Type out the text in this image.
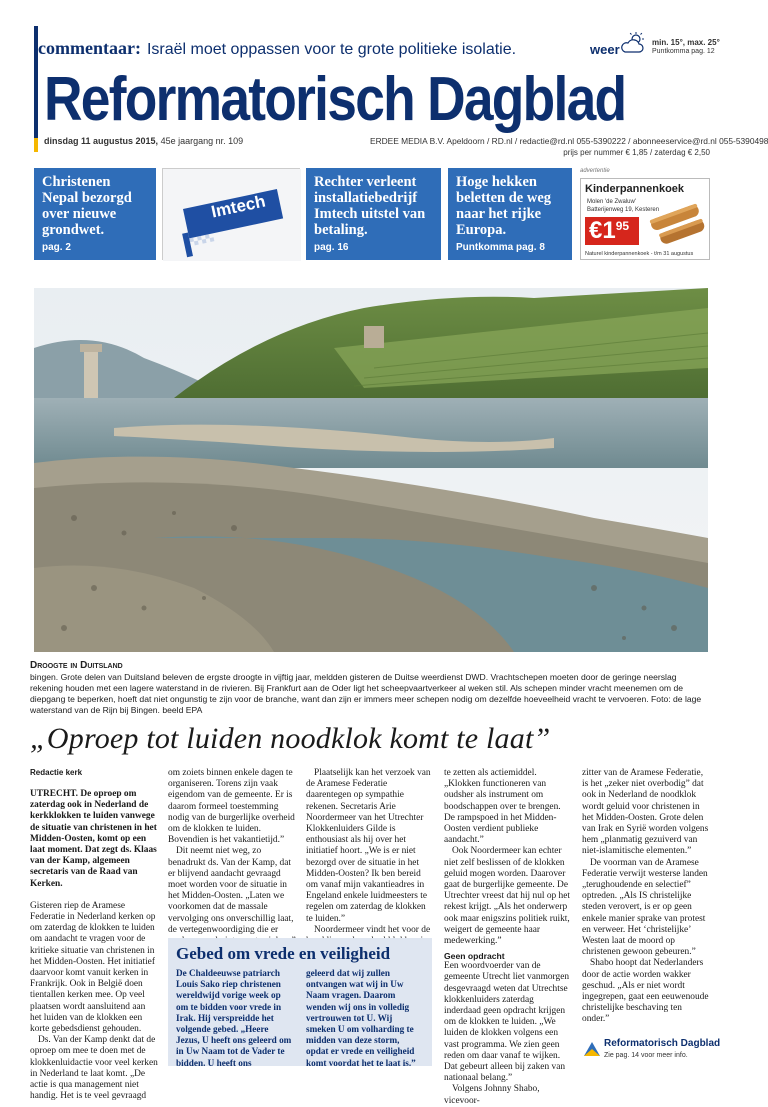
commentaar: Israël moet oppassen voor te grote politieke isolatie.	weer	min. 15°, max. 25°
Puntkomma pag. 12
Reformatorisch Dagblad
dinsdag 11 augustus 2015, 45e jaargang nr. 109	ERDEE MEDIA B.V. Apeldoorn / RD.nl / redactie@rd.nl 055-5390222 / abonneeservice@rd.nl 055-5390498
prijs per nummer € 1,85 / zaterdag € 2,50
Christenen Nepal bezorgd over nieuwe grondwet.
pag. 2
Imtech
Rechter verleent installatiebedrijf Imtech uitstel van betaling.
pag. 16
Hoge hekken beletten de weg naar het rijke Europa.
Puntkomma pag. 8
advertentie
Kinderpannenkoek
Molen 'de Zwaluw'
Batterijenweg 19, Kesteren
$€1^{95}$
Naturel kinderpannenkoek - t/m 31 augustus
Droogte in Duitsland
bingen. Grote delen van Duitsland beleven de ergste droogte in vijftig jaar, meldden gisteren de Duitse weerdienst DWD. Vrachtschepen moeten door de geringe neerslag rekening houden met een lagere waterstand in de rivieren. Bij Frankfurt aan de Oder ligt het scheepvaartverkeer al weken stil. Als schepen minder vracht meenemen om de diepgang te beperken, hoeft dat niet ongunstig te zijn voor de branche, want dan zijn er immers meer schepen nodig om dezelfde hoeveelheid vracht te vervoeren. Foto: de lage waterstand van de Rijn bij Bingen. beeld EPA
„Oproep tot luiden noodklok komt te laat”
Redactie kerk

UTRECHT. De oproep om zaterdag ook in Nederland de kerkklokken te luiden vanwege de situatie van christenen in het Midden-Oosten, komt op een laat moment. Dat zegt ds. Klaas van der Kamp, algemeen secretaris van de Raad van Kerken.

Gisteren riep de Aramese Federatie in Nederland kerken op om zaterdag de klokken te luiden om aandacht te vragen voor de kritieke situatie van christenen in het Midden-Oosten. Het initiatief daarvoor komt vanuit kerken in Frankrijk. Ook in België doen tientallen kerken mee. Op veel plaatsen wordt aansluitend aan het luiden van de klokken een korte gebedsdienst gehouden.

Ds. Van der Kamp denkt dat de oproep om mee te doen met de klokkenluidactie voor veel kerken in Nederland te laat komt. „De actie is qua management niet handig. Het is te veel gevraagd

om zoiets binnen enkele dagen te organiseren. Torens zijn vaak eigendom van de gemeente. Er is daarom formeel toestemming nodig van de burgerlijke overheid om de klokken te luiden. Bovendien is het vakantietijd.”

Dit neemt niet weg, zo benadrukt ds. Van der Kamp, dat er blijvend aandacht gevraagd moet worden voor de situatie in het Midden-Oosten. „Laten we voorkomen dat de massale vervolging ons onverschillig laat, de vertegenwoordiging die er

Plaatselijk kan het verzoek van de Aramese Federatie daarentegen op sympathie rekenen. Secretaris Arie Noordermeer van het Utrechter Klokkenluiders Gilde is enthousiast als hij over het initiatief hoort. „We is er niet bezorgd over de situatie in het Midden-Oosten? Ik ben bereid om vanaf mijn vakantieadres in Engeland enkele luidmeesters te regelen om zaterdag de klokken te luiden.”

Noordermeer vindt het voor de

te zetten als actiemiddel. „Klokken functioneren van oudsher als instrument om boodschappen over te brengen. De rampspoed in het Midden-Oosten verdient publieke aandacht.”

Ook Noordermeer kan echter niet zelf beslissen of de klokken geluid mogen worden. Daarover gaat de burgerlijke gemeente. De Utrechter vreest dat hij nul op het rekest krijgt. „Als het onderwerp ook maar enigszins politiek ruikt, weigert de gemeente haar medewerking.”

Geen opdracht

Een woordvoerder van de gemeente Utrecht liet vanmorgen desgevraagd weten dat Utrechtse klokkenluiders zaterdag inderdaad geen opdracht krijgen om de klokken te luiden. „We luiden de klokken volgens een vast programma. We zien geen reden om daar vanaf te wijken. Dat gebeurt alleen bij zaken van nationaal belang.”

Volgens Johnny Shabo, vicevoor-

zitter van de Aramese Federatie, is het „zeker niet overbodig” dat ook in Nederland de noodklok wordt geluid voor christenen in het Midden-Oosten. Grote delen van Irak en Syrië worden volgens hem „planmatig gezuiverd van niet-islamitische elementen.”

De voorman van de Aramese Federatie verwijt westerse landen „terughoudende en selectief” optreden. „Als IS christelijke steden verovert, is er op geen enkele manier sprake van protest en verweer. Het ‘christelijke’ Westen laat de moord op christenen gewoon gebeuren.”

Shabo hoopt dat Nederlanders door de actie worden wakker geschud. „Als er niet wordt ingegrepen, gaat een eeuwenoude christelijke beschaving ten onder.”

Gebed om vrede en veiligheid
De Chaldeeuwse patriarch Louis Sako riep christenen wereldwijd vorige week op om te bidden voor vrede in Irak. Hij verspreidde het volgende gebed. „Heere Jezus, U heeft ons geleerd om in Uw Naam tot de Vader te bidden. U heeft ons
geleerd dat wij zullen ontvangen wat wij in Uw Naam vragen. Daarom wenden wij ons in volledig vertrouwen tot U. Wij smeken U om volharding te midden van deze storm, opdat er vrede en veiligheid komt voordat het te laat is.”
Reformatorisch Dagblad
Zie pag. 14 voor meer info.
